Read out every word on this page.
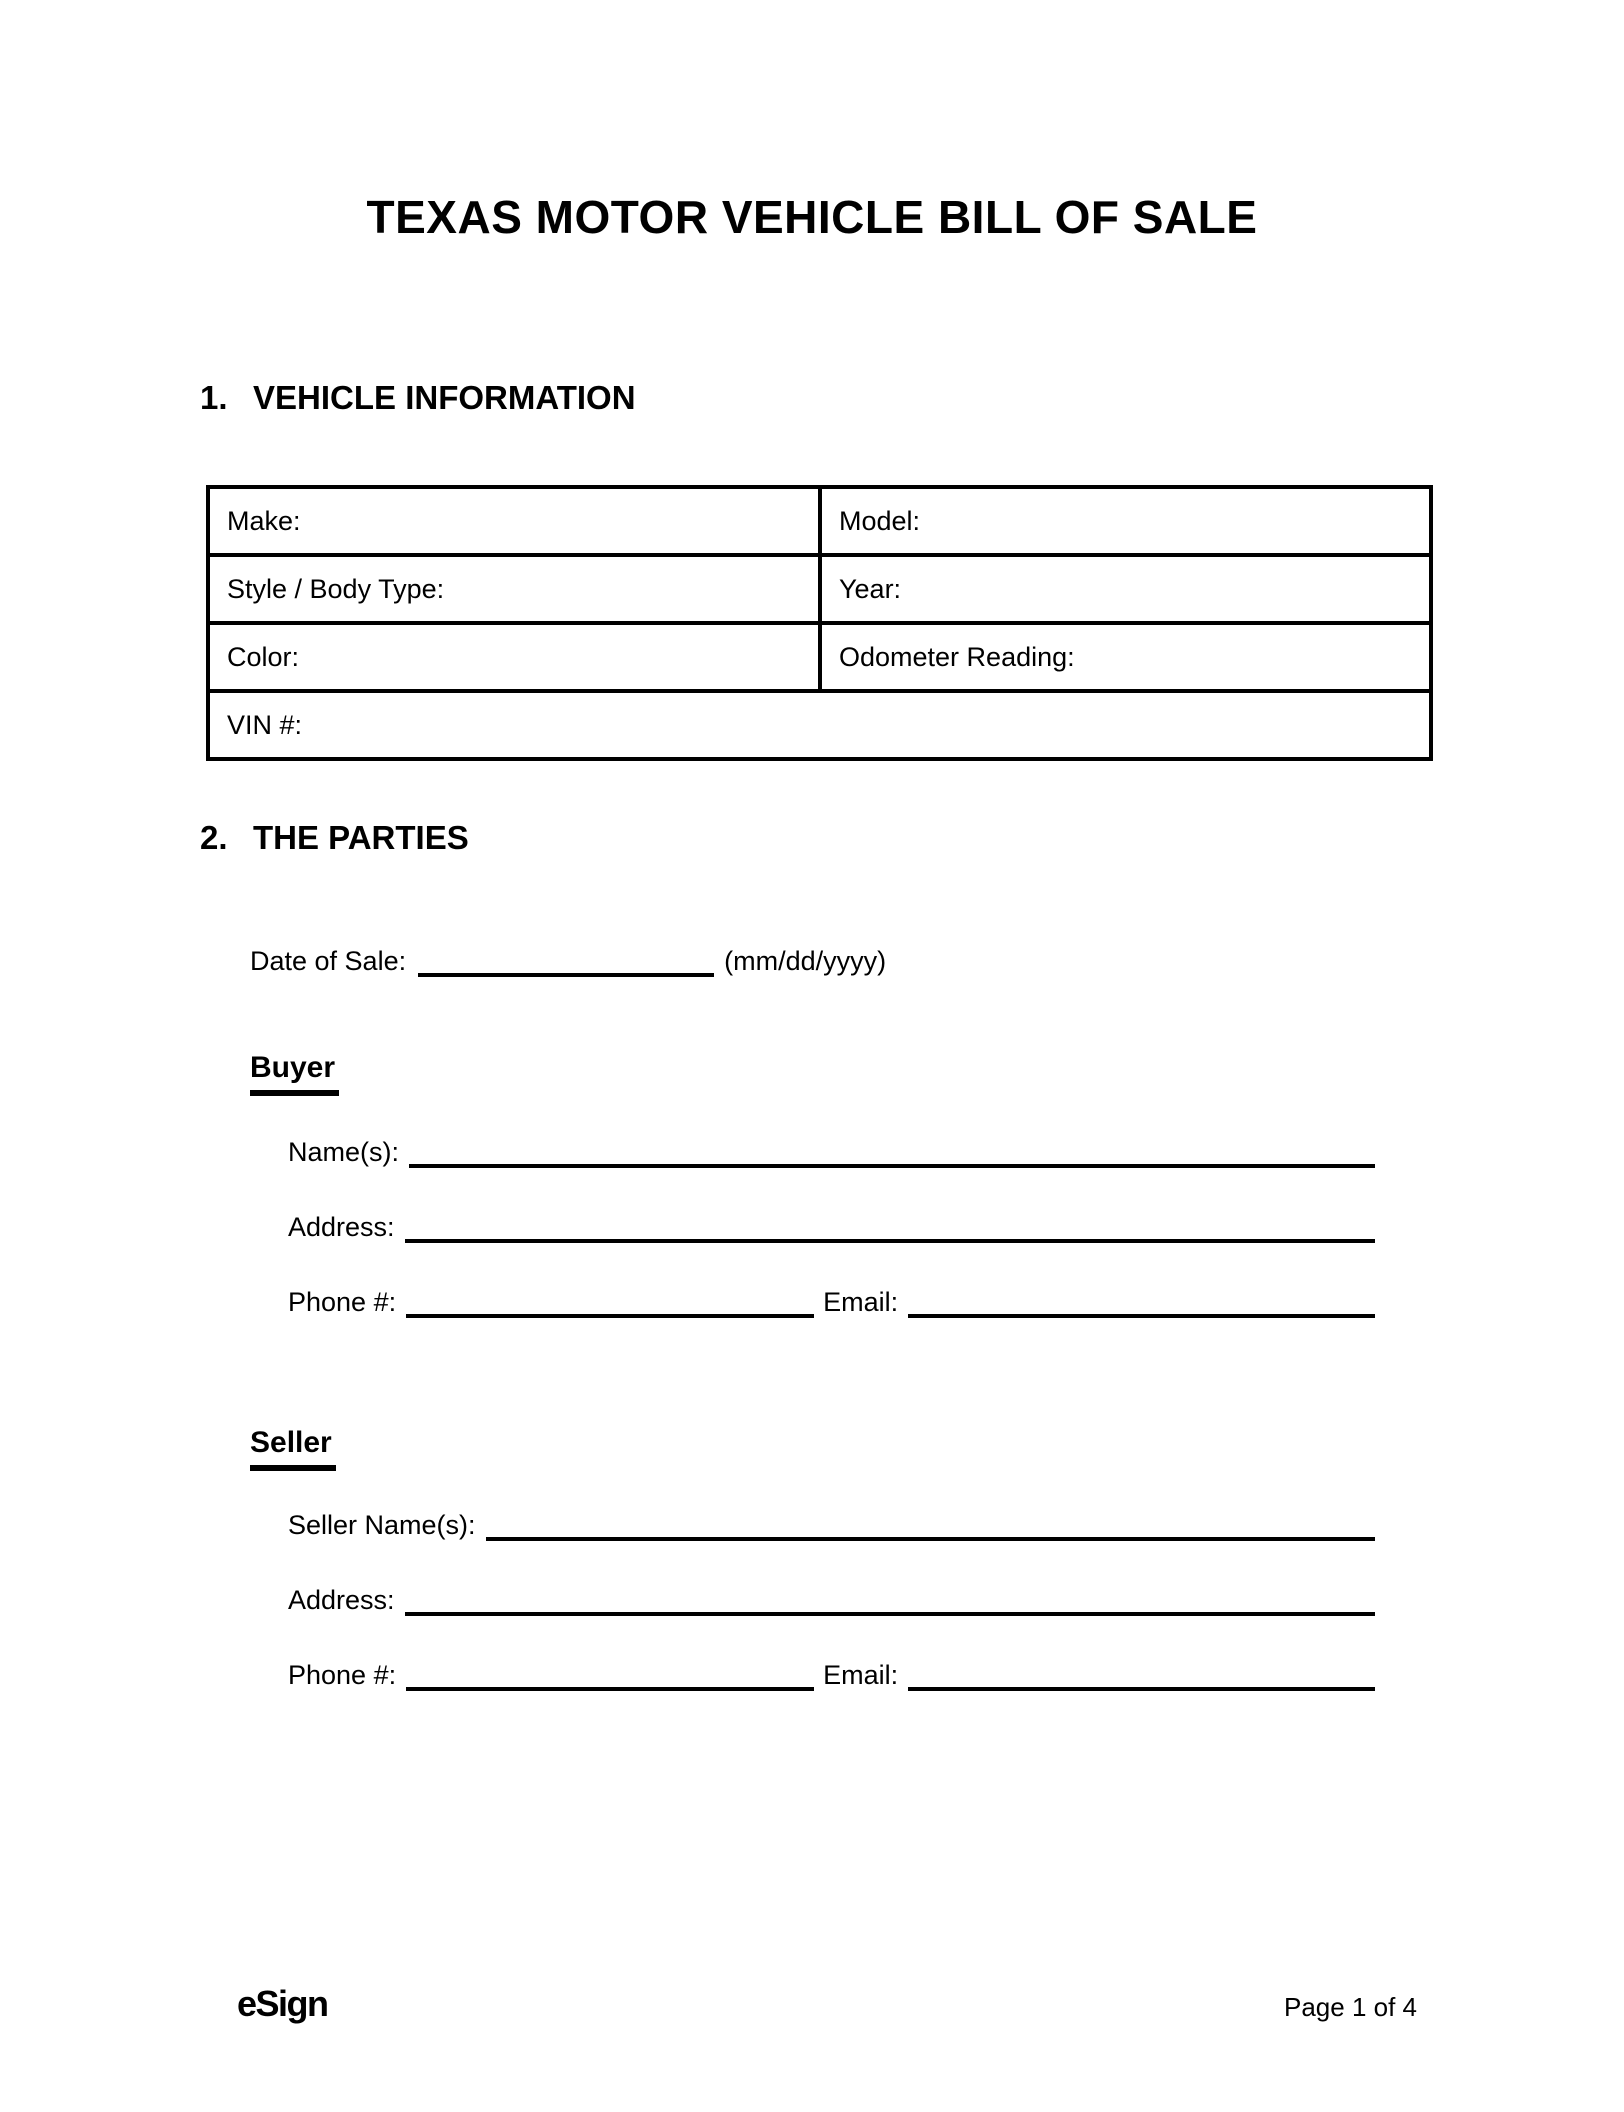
TEXAS MOTOR VEHICLE BILL OF SALE
1. VEHICLE INFORMATION
Make:	Model:
Style / Body Type:	Year:
Color:	Odometer Reading:
VIN #:	
2. THE PARTIES
Date of Sale:	(mm/dd/yyyy)
Buyer
Name(s):
Address:
Phone #:	Email:
Seller
Seller Name(s):
Address:
Phone #:	Email:
eSign	Page 1 of 4
